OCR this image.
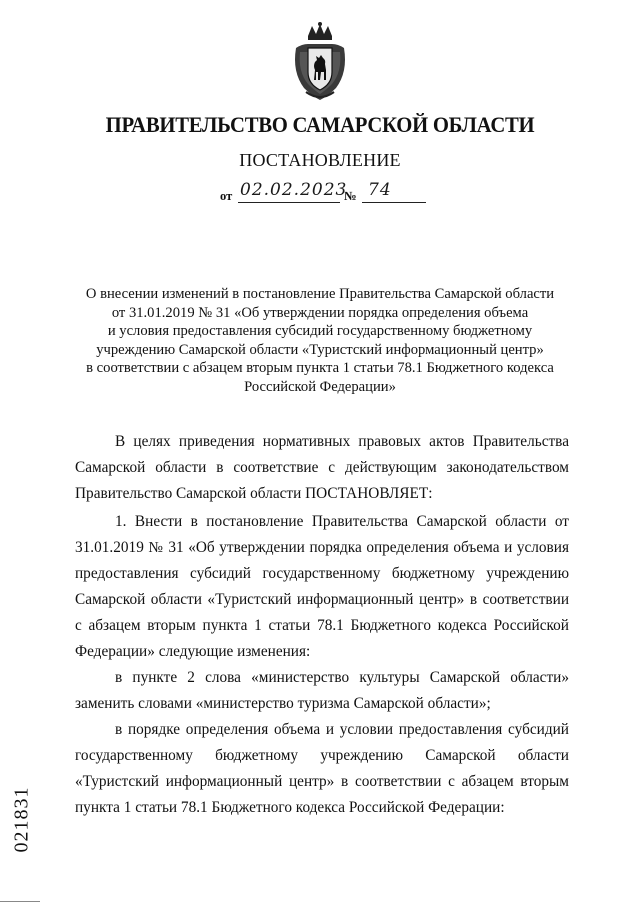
ПРАВИТЕЛЬСТВО САМАРСКОЙ ОБЛАСТИ
ПОСТАНОВЛЕНИЕ
от 02.02.2023
№ 74
О внесении изменений в постановление Правительства Самарской области
от 31.01.2019 № 31 «Об утверждении порядка определения объема
и условия предоставления субсидий государственному бюджетному
учреждению Самарской области «Туристский информационный центр»
в соответствии с абзацем вторым пункта 1 статьи 78.1 Бюджетного кодекса
Российской Федерации»
В целях приведения нормативных правовых актов Правительства
Самарской области в соответствие с действующим законодательством
Правительство Самарской области ПОСТАНОВЛЯЕТ:
1. Внести в постановление Правительства Самарской области от
31.01.2019 № 31 «Об утверждении порядка определения объема и условия
предоставления субсидий государственному бюджетному учреждению
Самарской области «Туристский информационный центр» в соответствии
с абзацем вторым пункта 1 статьи 78.1 Бюджетного кодекса Российской
Федерации» следующие изменения:
в пункте 2 слова «министерство культуры Самарской области»
заменить словами «министерство туризма Самарской области»;
в порядке определения объема и условии предоставления субсидий
государственному бюджетному учреждению Самарской области
«Туристский информационный центр» в соответствии с абзацем вторым
пункта 1 статьи 78.1 Бюджетного кодекса Российской Федерации:
021831
